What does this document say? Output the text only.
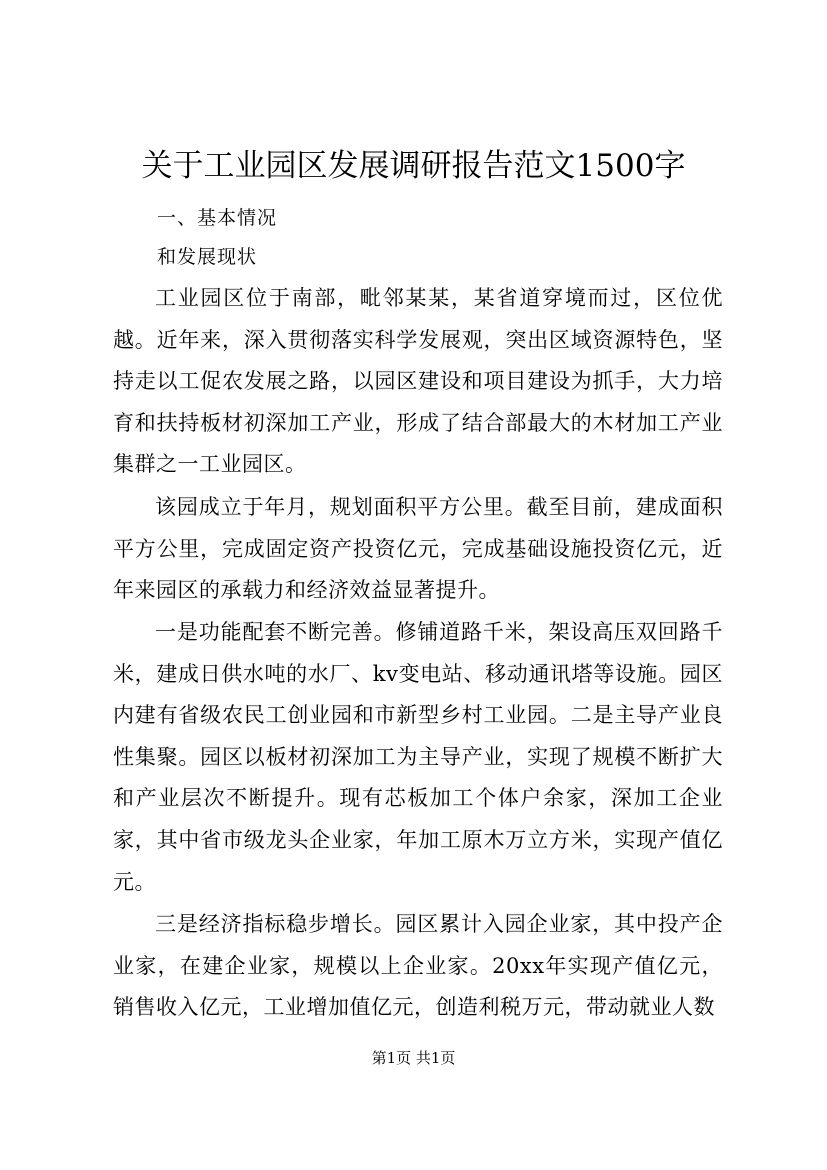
关于工业园区发展调研报告范文1500字
一、基本情况
和发展现状

工业园区位于南部，毗邻某某，某省道穿境而过，区位优越。近年来，深入贯彻落实科学发展观，突出区域资源特色，坚持走以工促农发展之路，以园区建设和项目建设为抓手，大力培育和扶持板材初深加工产业，形成了结合部最大的木材加工产业集群之一工业园区。

该园成立于年月，规划面积平方公里。截至目前，建成面积平方公里，完成固定资产投资亿元，完成基础设施投资亿元，近年来园区的承载力和经济效益显著提升。

一是功能配套不断完善。修铺道路千米，架设高压双回路千米，建成日供水吨的水厂、kv变电站、移动通讯塔等设施。园区内建有省级农民工创业园和市新型乡村工业园。二是主导产业良性集聚。园区以板材初深加工为主导产业，实现了规模不断扩大和产业层次不断提升。现有芯板加工个体户余家，深加工企业家，其中省市级龙头企业家，年加工原木万立方米，实现产值亿元。

三是经济指标稳步增长。园区累计入园企业家，其中投产企业家，在建企业家，规模以上企业家。20xx年实现产值亿元，销售收入亿元，工业增加值亿元，创造利税万元，带动就业人数

第1页 共1页
